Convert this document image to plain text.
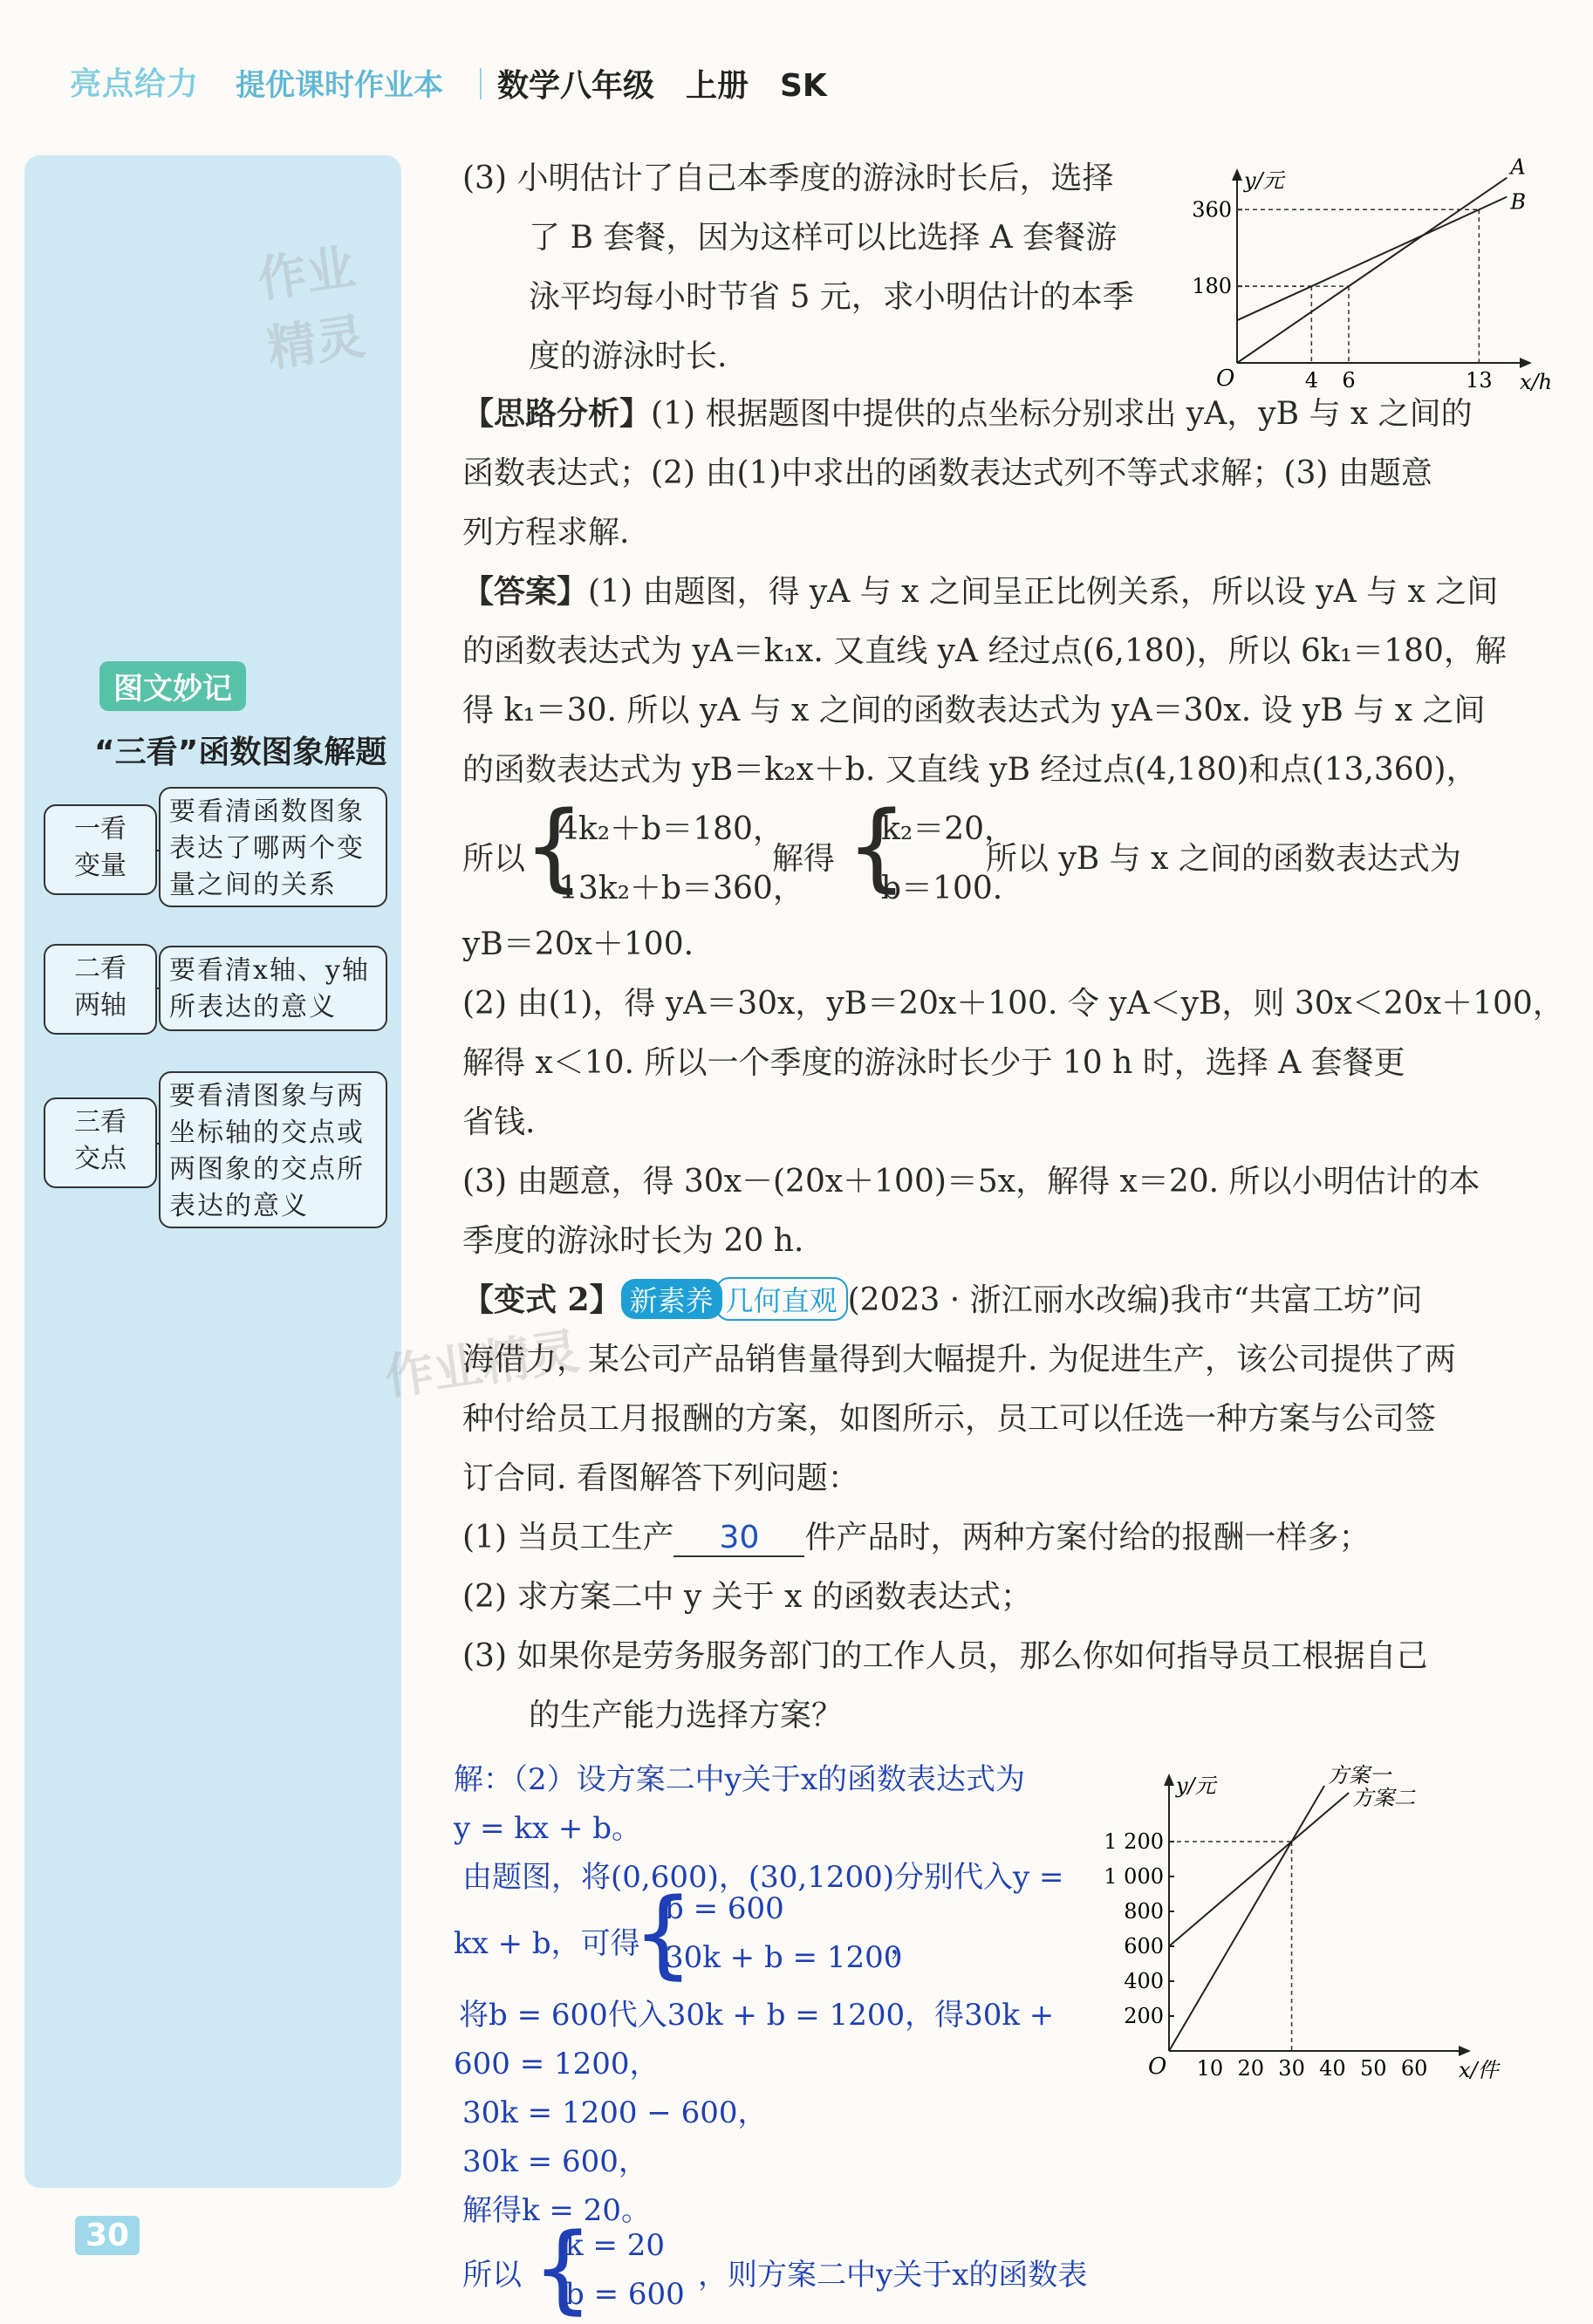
亮点给力 提优课时作业本 数学八年级　上册　SK
作业精灵
图文妙记
“三看”函数图象解题
一看
变量
要看清函数图象
表达了哪两个变
量之间的关系
二看
两轴
要看清x轴、y轴
所表达的意义
三看
交点
要看清图象与两
坐标轴的交点或
两图象的交点所
表达的意义
30
作业精灵
x/h
y/元
O	4 6	13
180
360
A
B
x/件
y/元
O 10 20 30 40 50 60
200
400
600
800
1 000
1 200
方案一
方案二
(3) 小明估计了自己本季度的游泳时长后，选择
了 B 套餐，因为这样可以比选择 A 套餐游
泳平均每小时节省 5 元，求小明估计的本季
度的游泳时长.
【思路分析】(1) 根据题图中提供的点坐标分别求出 yA，yB 与 x 之间的
函数表达式；(2) 由(1)中求出的函数表达式列不等式求解；(3) 由题意
列方程求解.
【答案】(1) 由题图，得 yA 与 x 之间呈正比例关系，所以设 yA 与 x 之间
的函数表达式为 yA＝k₁x. 又直线 yA 经过点(6,180)，所以 6k₁＝180，解
得 k₁＝30. 所以 yA 与 x 之间的函数表达式为 yA＝30x. 设 yB 与 x 之间
的函数表达式为 yB＝k₂x＋b. 又直线 yB 经过点(4,180)和点(13,360)，
所以
{
4k₂＋b＝180，
13k₂＋b＝360，
解得 {
k₂＝20，
b＝100.
所以 yB 与 x 之间的函数表达式为
yB＝20x＋100.
(2) 由(1)，得 yA＝30x，yB＝20x＋100. 令 yA＜yB，则 30x＜20x＋100，
解得 x＜10. 所以一个季度的游泳时长少于 10 h 时，选择 A 套餐更
省钱.
(3) 由题意，得 30x－(20x＋100)＝5x，解得 x＝20. 所以小明估计的本
季度的游泳时长为 20 h.
【变式 2】 新素养 几何直观 (2023 · 浙江丽水改编)我市“共富工坊”问
海借力，某公司产品销售量得到大幅提升. 为促进生产，该公司提供了两
种付给员工月报酬的方案，如图所示，员工可以任选一种方案与公司签
订合同. 看图解答下列问题：
(1) 当员工生产 30 件产品时，两种方案付给的报酬一样多；
(2) 求方案二中 y 关于 x 的函数表达式；
(3) 如果你是劳务服务部门的工作人员，那么你如何指导员工根据自己
的生产能力选择方案？
解：（2）设方案二中y关于x的函数表达式为
y = kx + b。
由题图，将(0,600)，(30,1200)分别代入y =
kx + b，可得
{
b = 600
30k + b = 1200
，
将b = 600代入30k + b = 1200，得30k +
600 = 1200，
30k = 1200 − 600，
30k = 600，
解得k = 20。
所以 {
k = 20
b = 600
，则方案二中y关于x的函数表
